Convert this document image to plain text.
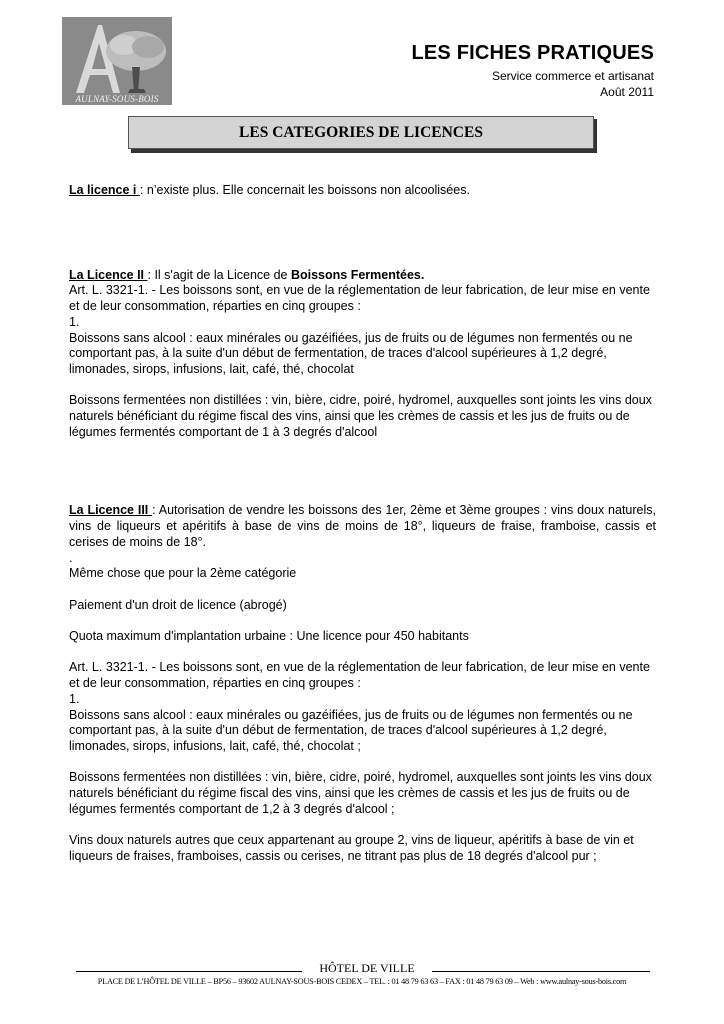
AULNAY-SOUS-BOIS
LES FICHES PRATIQUES
Service commerce et artisanat
Août 2011
LES CATEGORIES DE LICENCES

La licence i : n’existe plus. Elle concernait les boissons non alcoolisées.

La Licence II : Il s'agit de la Licence de Boissons Fermentées.

Art. L. 3321-1. - Les boissons sont, en vue de la réglementation de leur fabrication, de leur mise en vente et de leur consommation, réparties en cinq groupes :

1.

Boissons sans alcool : eaux minérales ou gazéifiées, jus de fruits ou de légumes non fermentés ou ne comportant pas, à la suite d'un début de fermentation, de traces d'alcool supérieures à 1,2 degré, limonades, sirops, infusions, lait, café, thé, chocolat

Boissons fermentées non distillées : vin, bière, cidre, poiré, hydromel, auxquelles sont joints les vins doux naturels bénéficiant du régime fiscal des vins, ainsi que les crèmes de cassis et les jus de fruits ou de légumes fermentés comportant de 1 à 3 degrés d'alcool

La Licence III : Autorisation de vendre les boissons des 1er, 2ème et 3ème groupes : vins doux naturels, vins de liqueurs et apéritifs à base de vins de moins de 18°, liqueurs de fraise, framboise, cassis et cerises de moins de 18°.

.

Même chose que pour la 2ème catégorie

Paiement d'un droit de licence (abrogé)

Quota maximum d'implantation urbaine : Une licence pour 450 habitants

Art. L. 3321-1. - Les boissons sont, en vue de la réglementation de leur fabrication, de leur mise en vente et de leur consommation, réparties en cinq groupes :

1.

Boissons sans alcool : eaux minérales ou gazéifiées, jus de fruits ou de légumes non fermentés ou ne comportant pas, à la suite d'un début de fermentation, de traces d'alcool supérieures à 1,2 degré, limonades, sirops, infusions, lait, café, thé, chocolat ;

Boissons fermentées non distillées : vin, bière, cidre, poiré, hydromel, auxquelles sont joints les vins doux naturels bénéficiant du régime fiscal des vins, ainsi que les crèmes de cassis et les jus de fruits ou de légumes fermentés comportant de 1,2 à 3 degrés d'alcool ;

Vins doux naturels autres que ceux appartenant au groupe 2, vins de liqueur, apéritifs à base de vin et liqueurs de fraises, framboises, cassis ou cerises, ne titrant pas plus de 18 degrés d'alcool pur ;

HÔTEL DE VILLE
PLACE DE L’HÔTEL DE VILLE – BP56 – 93602 AULNAY-SOUS-BOIS CEDEX – TEL. : 01 48 79 63 63 – FAX : 01 48 79 63 09 – Web : www.aulnay-sous-bois.com
